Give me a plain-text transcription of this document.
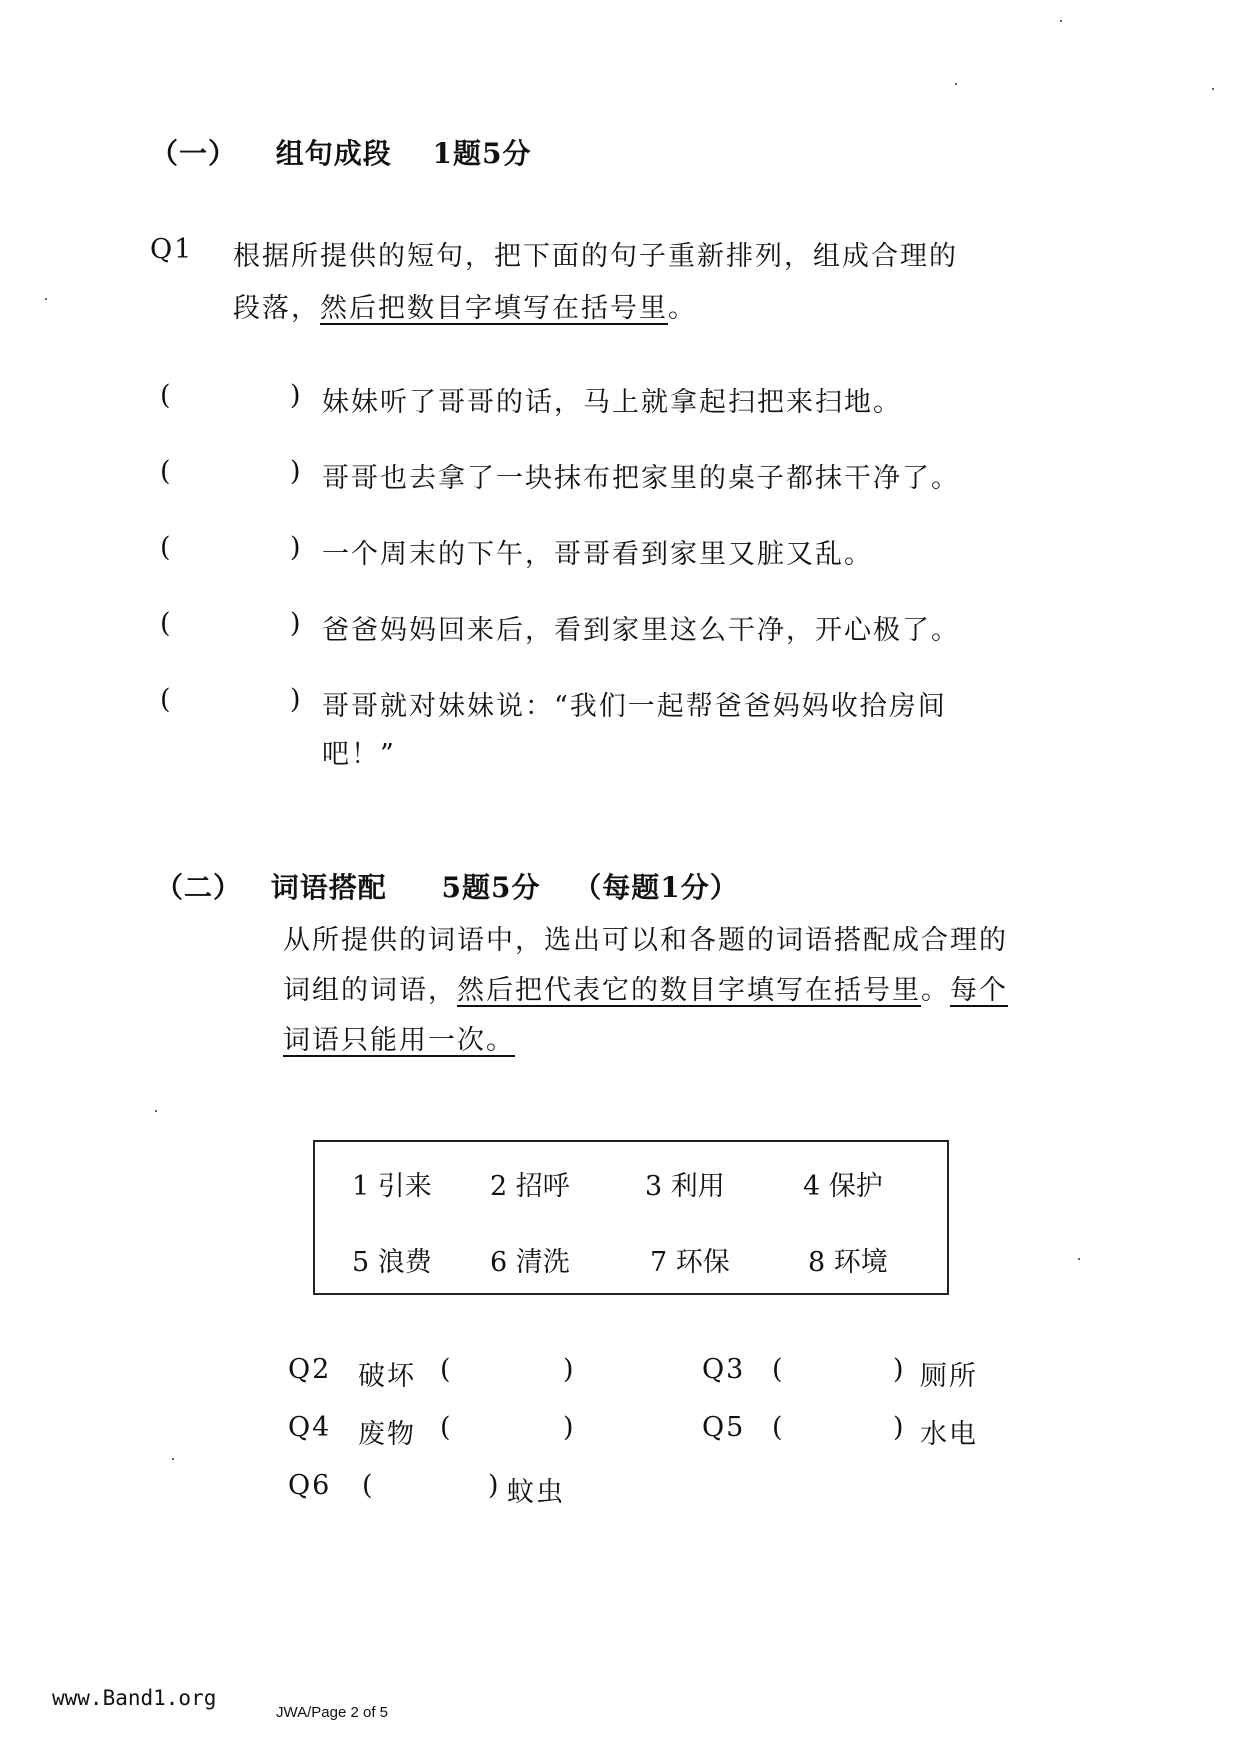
（一） 组句成段 1题5分
Q1 根据所提供的短句，把下面的句子重新排列，组成合理的
段落，然后把数目字填写在括号里。
(	) 妹妹听了哥哥的话，马上就拿起扫把来扫地。
(	) 哥哥也去拿了一块抹布把家里的桌子都抹干净了。
(	) 一个周末的下午，哥哥看到家里又脏又乱。
(	) 爸爸妈妈回来后，看到家里这么干净，开心极了。
(	) 哥哥就对妹妹说：“我们一起帮爸爸妈妈收拾房间
吧！”
（二） 词语搭配 5题5分 （每题1分）
从所提供的词语中，选出可以和各题的词语搭配成合理的
词组的词语，然后把代表它的数目字填写在括号里。每个
词语只能用一次。
1 引来 2 招呼	3 利用	4 保护
5 浪费 6 清洗	7 环保	8 环境
Q2 破坏 (	)	Q3 (	) 厕所
Q4 废物 (	)	Q5 (	) 水电
Q6 (	) 蚊虫
www.Band1.org
JWA/Page 2 of 5
